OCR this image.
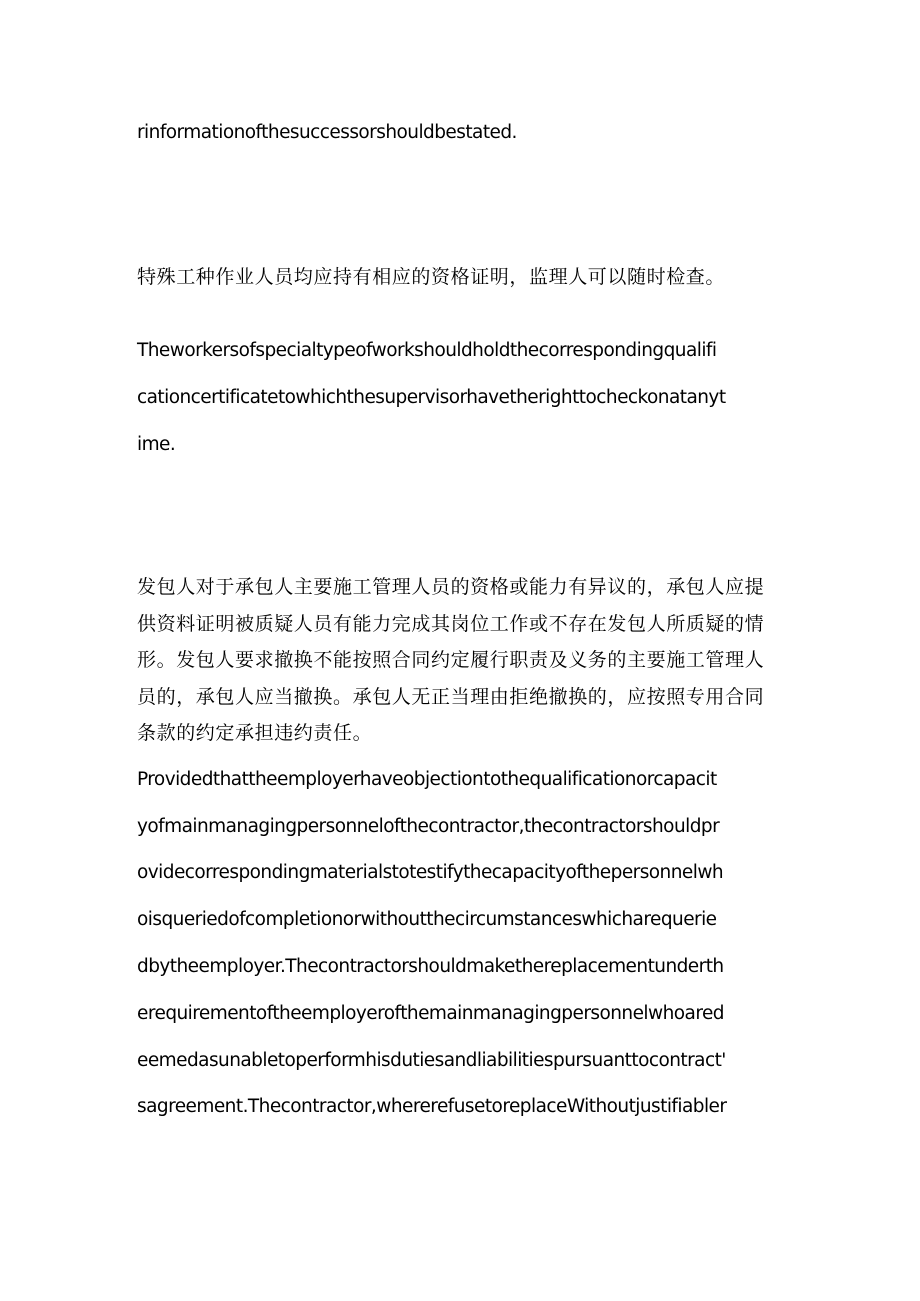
rinformationofthesuccessorshouldbestated.

特殊工种作业人员均应持有相应的资格证明，监理人可以随时检查。

Theworkersofspecialtypeofworkshouldholdthecorrespondingqualifi

cationcertificatetowhichthesupervisorhavetherighttocheckonatanyt

ime.

发包人对于承包人主要施工管理人员的资格或能力有异议的，承包人应提

供资料证明被质疑人员有能力完成其岗位工作或不存在发包人所质疑的情

形。发包人要求撤换不能按照合同约定履行职责及义务的主要施工管理人

员的，承包人应当撤换。承包人无正当理由拒绝撤换的，应按照专用合同

条款的约定承担违约责任。

Providedthattheemployerhaveobjectiontothequalificationorcapacit

yofmainmanagingpersonnelofthecontractor,thecontractorshouldpr

ovidecorrespondingmaterialstotestifythecapacityofthepersonnelwh

oisqueriedofcompletionorwithoutthecircumstanceswhicharequerie

dbytheemployer.Thecontractorshouldmakethereplacementunderth

erequirementoftheemployerofthemainmanagingpersonnelwhoared

eemedasunabletoperformhisdutiesandliabilitiespursuanttocontract'

sagreement.Thecontractor,whererefusetoreplaceWithoutjustifiabler
